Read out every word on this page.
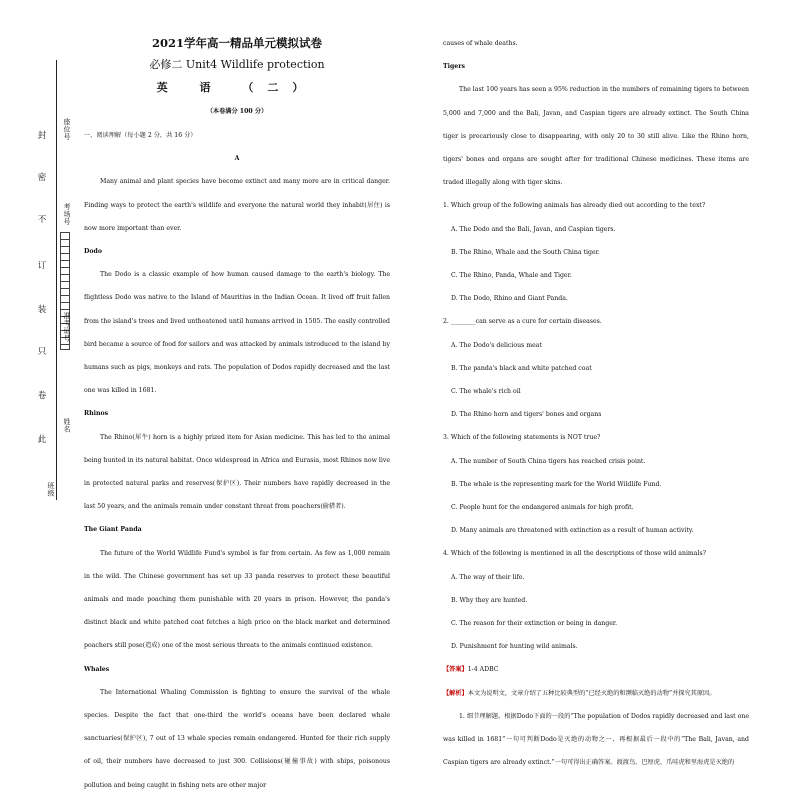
封
密
不
订
装
只
卷
此
座位号
考场号
准考证号
姓名
班级

2021学年高一精品单元模拟试卷

必修二 Unit4 Wildlife protection

英 语 （二）

（本卷满分 100 分）

一、阅读理解（每小题 2 分，共 16 分）

A

Many animal and plant species have become extinct and many more are in critical danger. Finding ways to protect the earth's wildlife and everyone the natural world they inhabit(居住) is now more important than ever.

Dodo

The Dodo is a classic example of how human caused damage to the earth's biology. The flightless Dodo was native to the Island of Mauritius in the Indian Ocean. It lived off fruit fallen from the island's trees and lived untheatened until humans arrived in 1505. The easily controlled bird became a source of food for sailors and was attacked by animals introduced to the island by humans such as pigs, monkeys and rats. The population of Dodos rapidly decreased and the last one was killed in 1681.

Rhinos

The Rhino(犀牛) horn is a highly prized item for Asian medicine. This has led to the animal being hunted in its natural habitat. Once widespread in Africa and Eurasia, most Rhinos now live in protected natural parks and reserves(保护区). Their numbers have rapidly decreased in the last 50 years, and the animals remain under constant threat from poachers(偷猎者).

The Giant Panda

The future of the World Wildlife Fund's symbol is far from certain. As few as 1,000 remain in the wild. The Chinese government has set up 33 panda reserves to protect these beautiful animals and made poaching them punishable with 20 years in prison. However, the panda's distinct black and white patched coat fetches a high price on the black market and determined poachers still pose(造成) one of the most serious threats to the animals continued existence.

Whales

The International Whaling Commission is fighting to ensure the survival of the whale species. Despite the fact that one-third the world's oceans have been declared whale sanctuaries(保护区), 7 out of 13 whale species remain endangered. Hunted for their rich supply of oil, their numbers have decreased to just 300. Collisions(碰撞事故) with ships, poisonous pollution and being caught in fishing nets are other major

causes of whale deaths.

Tigers

The last 100 years has seen a 95% reduction in the numbers of remaining tigers to between 5,000 and 7,000 and the Bali, Javan, and Caspian tigers are already extinct. The South China tiger is precariously close to disappearing, with only 20 to 30 still alive. Like the Rhino horn, tigers' bones and organs are sought after for traditional Chinese medicines. These items are traded illegally along with tiger skins.

1. Which group of the following animals has already died out according to the text?

A. The Dodo and the Bali, Javan, and Caspian tigers.

B. The Rhino, Whale and the South China tiger.

C. The Rhino, Panda, Whale and Tiger.

D. The Dodo, Rhino and Giant Panda.

2. ________can serve as a cure for certain diseases.

A. The Dodo's delicious meat

B. The panda's black and white patched coat

C. The whale's rich oil

D. The Rhino horn and tigers' bones and organs

3. Which of the following statements is NOT true?

A. The number of South China tigers has reached crisis point.

B. The whale is the representing mark for the World Wildlife Fund.

C. People hunt for the endangered animals for high profit.

D. Many animals are threatened with extinction as a result of human activity.

4. Which of the following is mentioned in all the descriptions of those wild animals?

A. The way of their life.

B. Why they are hunted.

C. The reason for their extinction or being in danger.

D. Punishment for hunting wild animals.

【答案】1-4 ADBC

【解析】本文为说明文，文章介绍了五种比较典型的“已经灭绝的和濒临灭绝的动物”并探究其原因。

1. 细节理解题。根据Dodo下面的一段的“The population of Dodos rapidly decreased and last one was killed in 1681”一句可判断Dodo是灭绝的动物之一，再根据最后一段中的“The Bali, Javan, and Caspian tigers are already extinct.”一句可得出正确答案。渡渡鸟、巴厘虎、爪哇虎和里海虎是灭绝的
